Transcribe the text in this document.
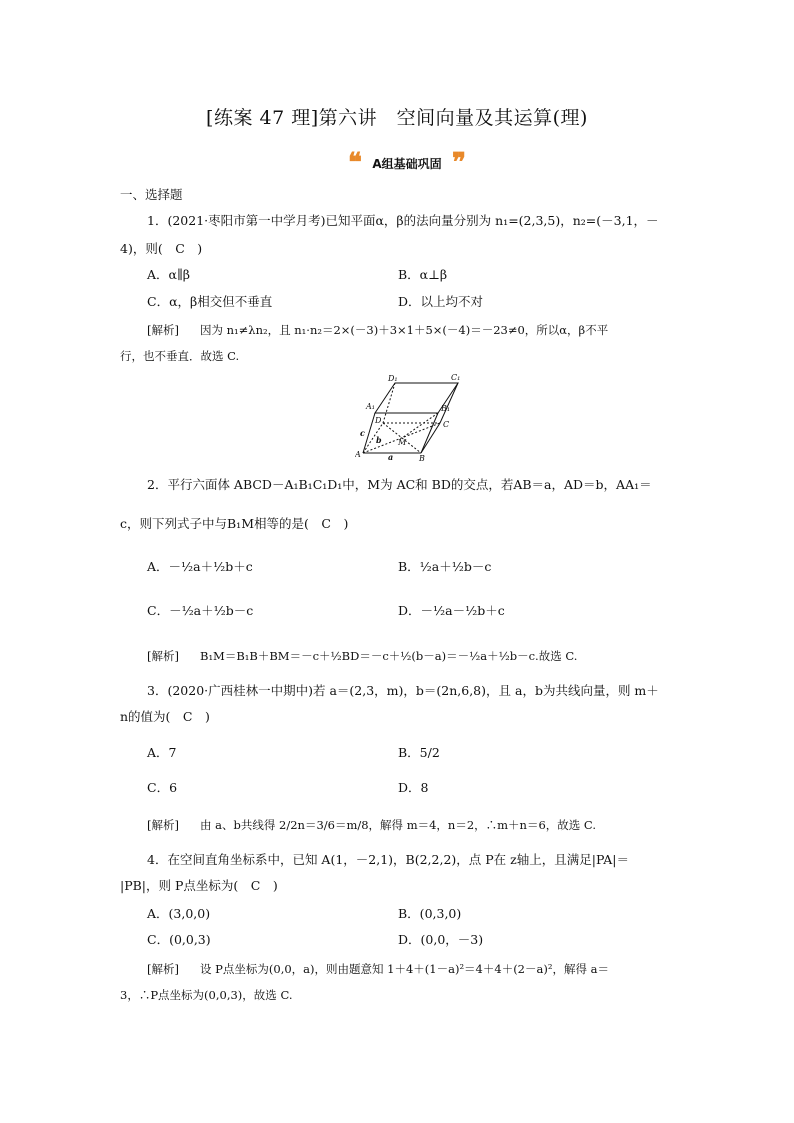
[练案 47 理]第六讲　空间向量及其运算(理)
❝ A组基础巩固 ❞
一、选择题
1．(2021·枣阳市第一中学月考)已知平面α，β的法向量分别为 n₁=(2,3,5)，n₂=(－3,1，－
4)，则(　C　)
A．α∥β	B．α⊥β
C．α，β相交但不垂直	D．以上均不对
[解析] 因为 n₁≠λn₂，且 n₁·n₂＝2×(－3)＋3×1＋5×(－4)＝－23≠0，所以α，β不平
行，也不垂直．故选 C.
D₁	C₁
A₁	B₁
D	C
M
A	B
a
b
c
2．平行六面体 ABCD－A₁B₁C₁D₁中，M为 AC和 BD的交点，若AB＝a，AD＝b，AA₁＝
c，则下列式子中与B₁M相等的是(　C　)
A．－½a＋½b＋c	B．½a＋½b－c
C．－½a＋½b－c	D．－½a－½b＋c
[解析] B₁M＝B₁B＋BM＝－c＋½BD＝－c＋½(b－a)＝－½a＋½b－c.故选 C.
3．(2020·广西桂林一中期中)若 a＝(2,3，m)，b＝(2n,6,8)，且 a，b为共线向量，则 m＋
n的值为(　C　)
A．7	B．5/2
C．6	D．8
[解析] 由 a、b共线得 2/2n＝3/6＝m/8，解得 m＝4，n＝2，∴m＋n＝6，故选 C.
4．在空间直角坐标系中，已知 A(1，－2,1)，B(2,2,2)，点 P在 z轴上，且满足|PA|＝
|PB|，则 P点坐标为(　C　)
A．(3,0,0)	B．(0,3,0)
C．(0,0,3)	D．(0,0，－3)
[解析] 设 P点坐标为(0,0，a)，则由题意知 1＋4＋(1－a)²＝4＋4＋(2－a)²，解得 a＝
3，∴P点坐标为(0,0,3)，故选 C.
